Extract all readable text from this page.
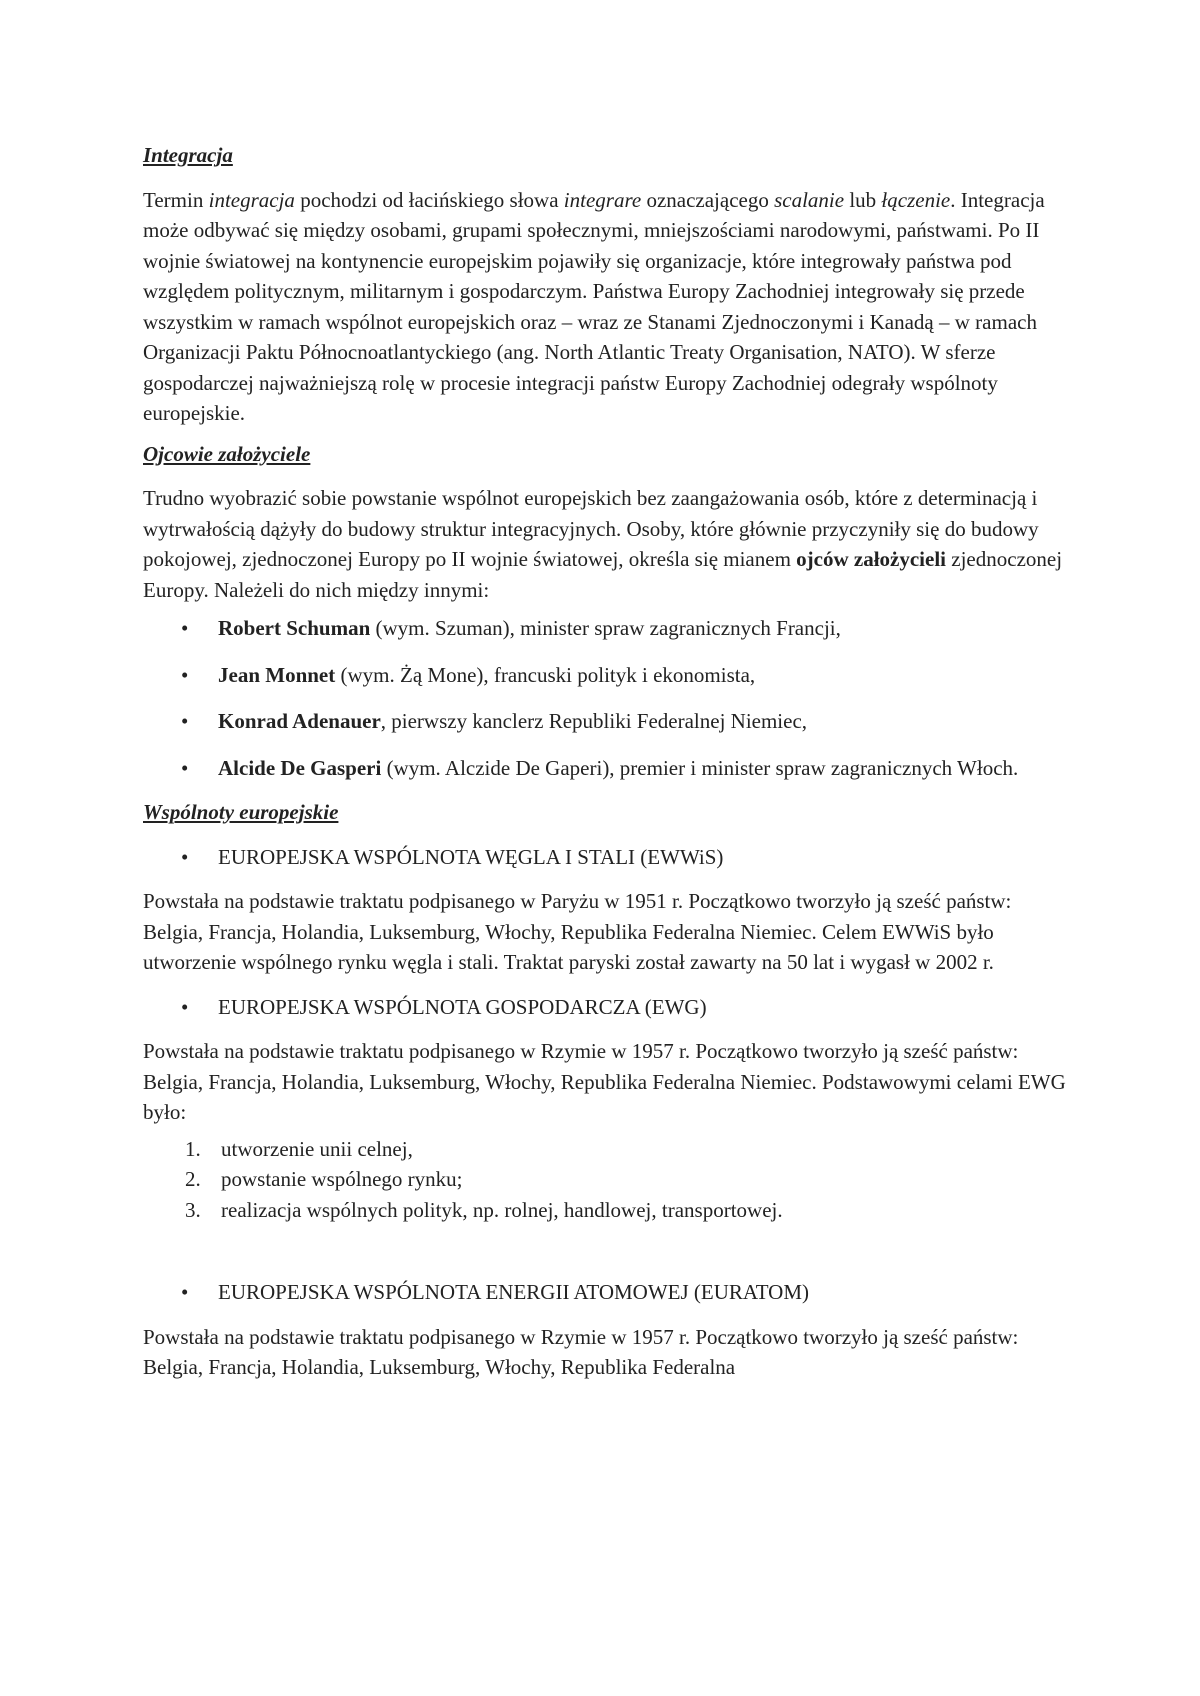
Integracja

Termin integracja pochodzi od łacińskiego słowa integrare oznaczającego scalanie lub łączenie. Integracja może odbywać się między osobami, grupami społecznymi, mniejszościami narodowymi, państwami. Po II wojnie światowej na kontynencie europejskim pojawiły się organizacje, które integrowały państwa pod względem politycznym, militarnym i gospodarczym. Państwa Europy Zachodniej integrowały się przede wszystkim w ramach wspólnot europejskich oraz – wraz ze Stanami Zjednoczonymi i Kanadą – w ramach Organizacji Paktu Północnoatlantyckiego (ang. North Atlantic Treaty Organisation, NATO). W sferze gospodarczej najważniejszą rolę w procesie integracji państw Europy Zachodniej odegrały wspólnoty europejskie.

Ojcowie założyciele

Trudno wyobrazić sobie powstanie wspólnot europejskich bez zaangażowania osób, które z determinacją i wytrwałością dążyły do budowy struktur integracyjnych. Osoby, które głównie przyczyniły się do budowy pokojowej, zjednoczonej Europy po II wojnie światowej, określa się mianem ojców założycieli zjednoczonej Europy. Należeli do nich między innymi:

• Robert Schuman (wym. Szuman), minister spraw zagranicznych Francji,
• Jean Monnet (wym. Żą Mone), francuski polityk i ekonomista,
• Konrad Adenauer, pierwszy kanclerz Republiki Federalnej Niemiec,
• Alcide De Gasperi (wym. Alczide De Gaperi), premier i minister spraw zagranicznych Włoch.
Wspólnoty europejskie
• EUROPEJSKA WSPÓLNOTA WĘGLA I STALI (EWWiS)

Powstała na podstawie traktatu podpisanego w Paryżu w 1951 r. Początkowo tworzyło ją sześć państw: Belgia, Francja, Holandia, Luksemburg, Włochy, Republika Federalna Niemiec. Celem EWWiS było utworzenie wspólnego rynku węgla i stali. Traktat paryski został zawarty na 50 lat i wygasł w 2002 r.

• EUROPEJSKA WSPÓLNOTA GOSPODARCZA (EWG)

Powstała na podstawie traktatu podpisanego w Rzymie w 1957 r. Początkowo tworzyło ją sześć państw: Belgia, Francja, Holandia, Luksemburg, Włochy, Republika Federalna Niemiec. Podstawowymi celami EWG było:

1. utworzenie unii celnej,
2. powstanie wspólnego rynku;
3. realizacja wspólnych polityk, np. rolnej, handlowej, transportowej.
• EUROPEJSKA WSPÓLNOTA ENERGII ATOMOWEJ (EURATOM)

Powstała na podstawie traktatu podpisanego w Rzymie w 1957 r. Początkowo tworzyło ją sześć państw: Belgia, Francja, Holandia, Luksemburg, Włochy, Republika Federalna
